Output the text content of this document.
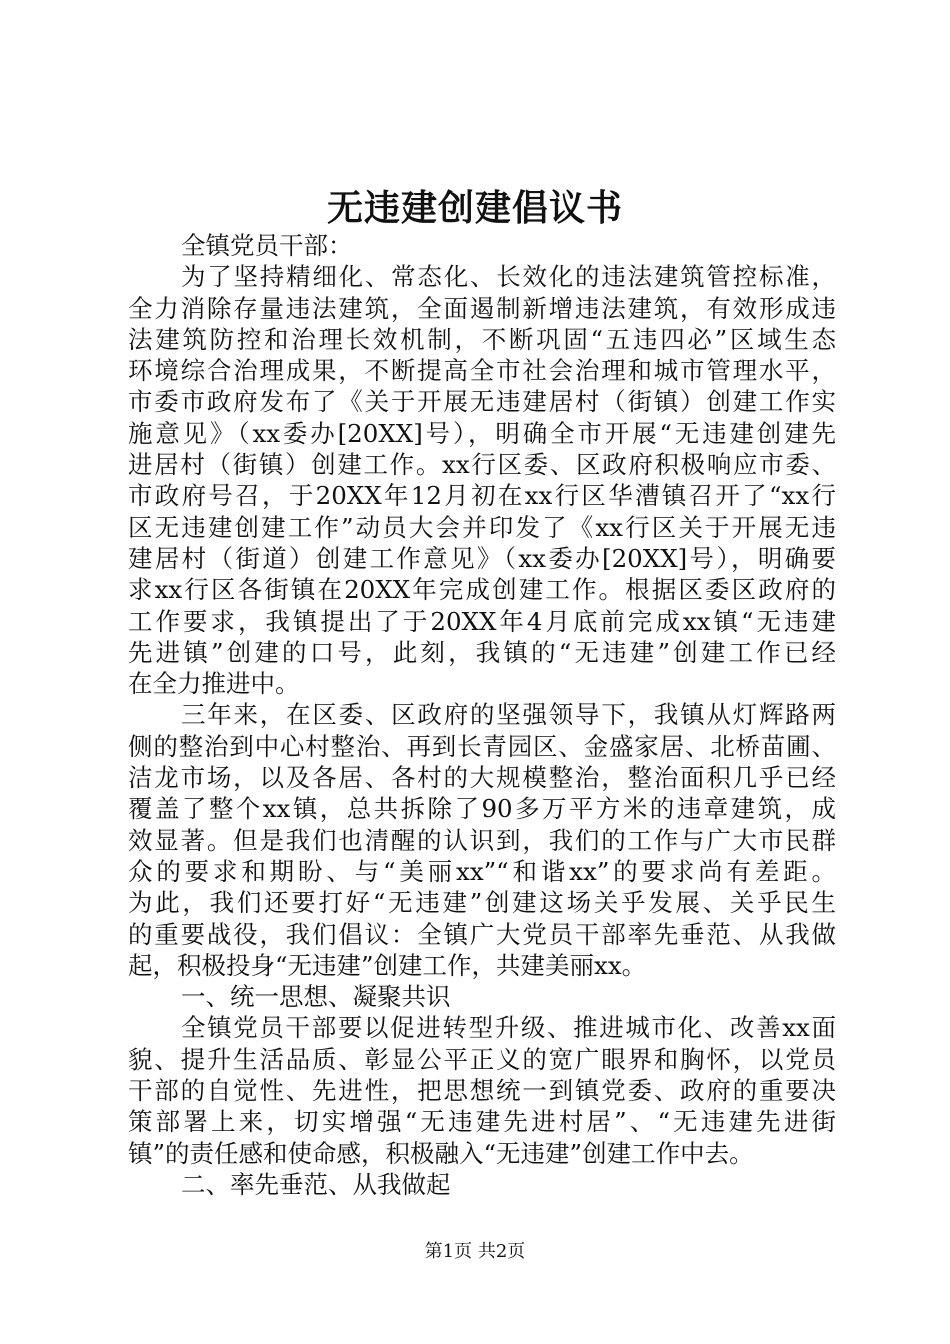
无违建创建倡议书
全镇党员干部：
为了坚持精细化、常态化、长效化的违法建筑管控标准，
全力消除存量违法建筑，全面遏制新增违法建筑，有效形成违
法建筑防控和治理长效机制，不断巩固“五违四必”区域生态
环境综合治理成果，不断提高全市社会治理和城市管理水平，
市委市政府发布了《关于开展无违建居村（街镇）创建工作实
施意见》（xx委办[20XX]号），明确全市开展“无违建创建先
进居村（街镇）创建工作。xx行区委、区政府积极响应市委、
市政府号召，于20XX年12月初在xx行区华漕镇召开了“xx行
区无违建创建工作”动员大会并印发了《xx行区关于开展无违
建居村（街道）创建工作意见》（xx委办[20XX]号），明确要
求xx行区各街镇在20XX年完成创建工作。根据区委区政府的
工作要求，我镇提出了于20XX年4月底前完成xx镇“无违建
先进镇”创建的口号，此刻，我镇的“无违建”创建工作已经
在全力推进中。
三年来，在区委、区政府的坚强领导下，我镇从灯辉路两
侧的整治到中心村整治、再到长青园区、金盛家居、北桥苗圃、
洁龙市场，以及各居、各村的大规模整治，整治面积几乎已经
覆盖了整个xx镇，总共拆除了90多万平方米的违章建筑，成
效显著。但是我们也清醒的认识到，我们的工作与广大市民群
众的要求和期盼、与“美丽xx”“和谐xx”的要求尚有差距。
为此，我们还要打好“无违建”创建这场关乎发展、关乎民生
的重要战役，我们倡议：全镇广大党员干部率先垂范、从我做
起，积极投身“无违建”创建工作，共建美丽xx。
一、统一思想、凝聚共识
全镇党员干部要以促进转型升级、推进城市化、改善xx面
貌、提升生活品质、彰显公平正义的宽广眼界和胸怀，以党员
干部的自觉性、先进性，把思想统一到镇党委、政府的重要决
策部署上来，切实增强“无违建先进村居”、“无违建先进街
镇”的责任感和使命感，积极融入“无违建”创建工作中去。
二、率先垂范、从我做起
第1页 共2页
